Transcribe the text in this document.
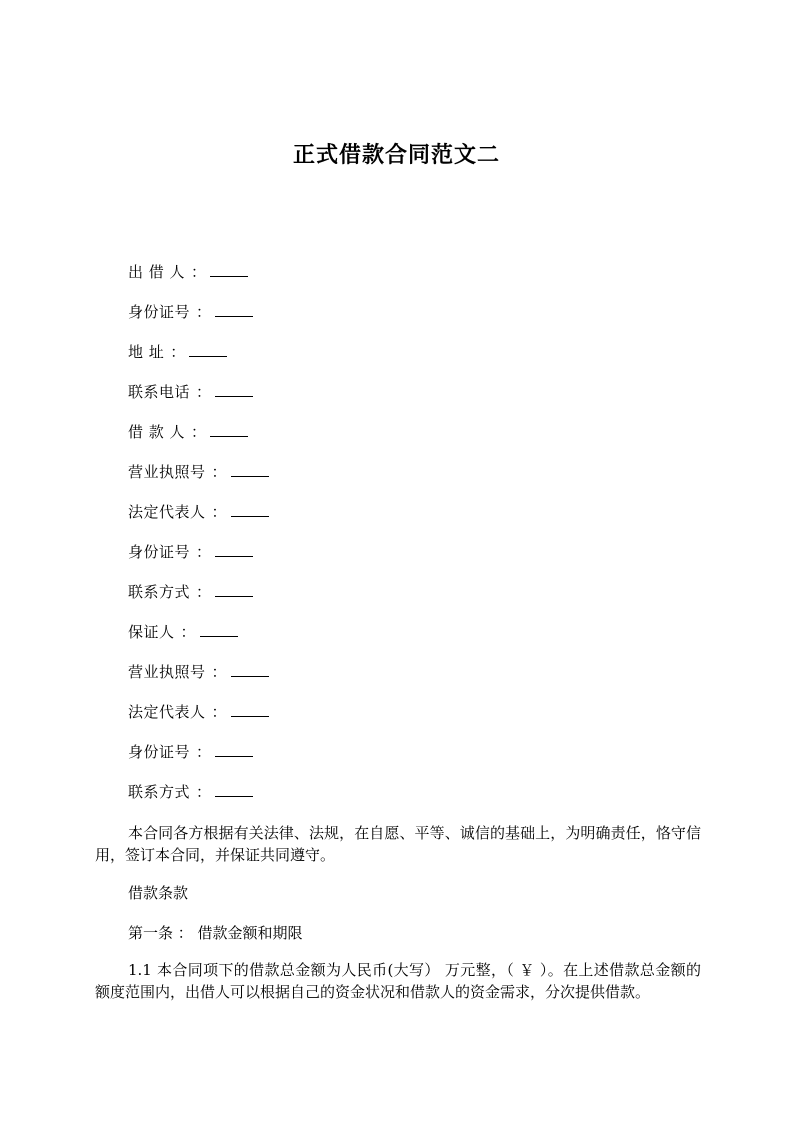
正式借款合同范文二
出 借 人 ：
身份证号 ：
地 址 ：
联系电话 ：
借 款 人 ：
营业执照号 ：
法定代表人 ：
身份证号 ：
联系方式 ：
保证人 ：
营业执照号 ：
法定代表人 ：
身份证号 ：
联系方式 ：
本合同各方根据有关法律、法规，在自愿、平等、诚信的基础上，为明确责任，恪守信用，签订本合同，并保证共同遵守。
借款条款
第一条 ： 借款金额和期限
1.1 本合同项下的借款总金额为人民币(大写） 万元整，（ ￥ ）。在上述借款总金额的额度范围内，出借人可以根据自己的资金状况和借款人的资金需求，分次提供借款。
